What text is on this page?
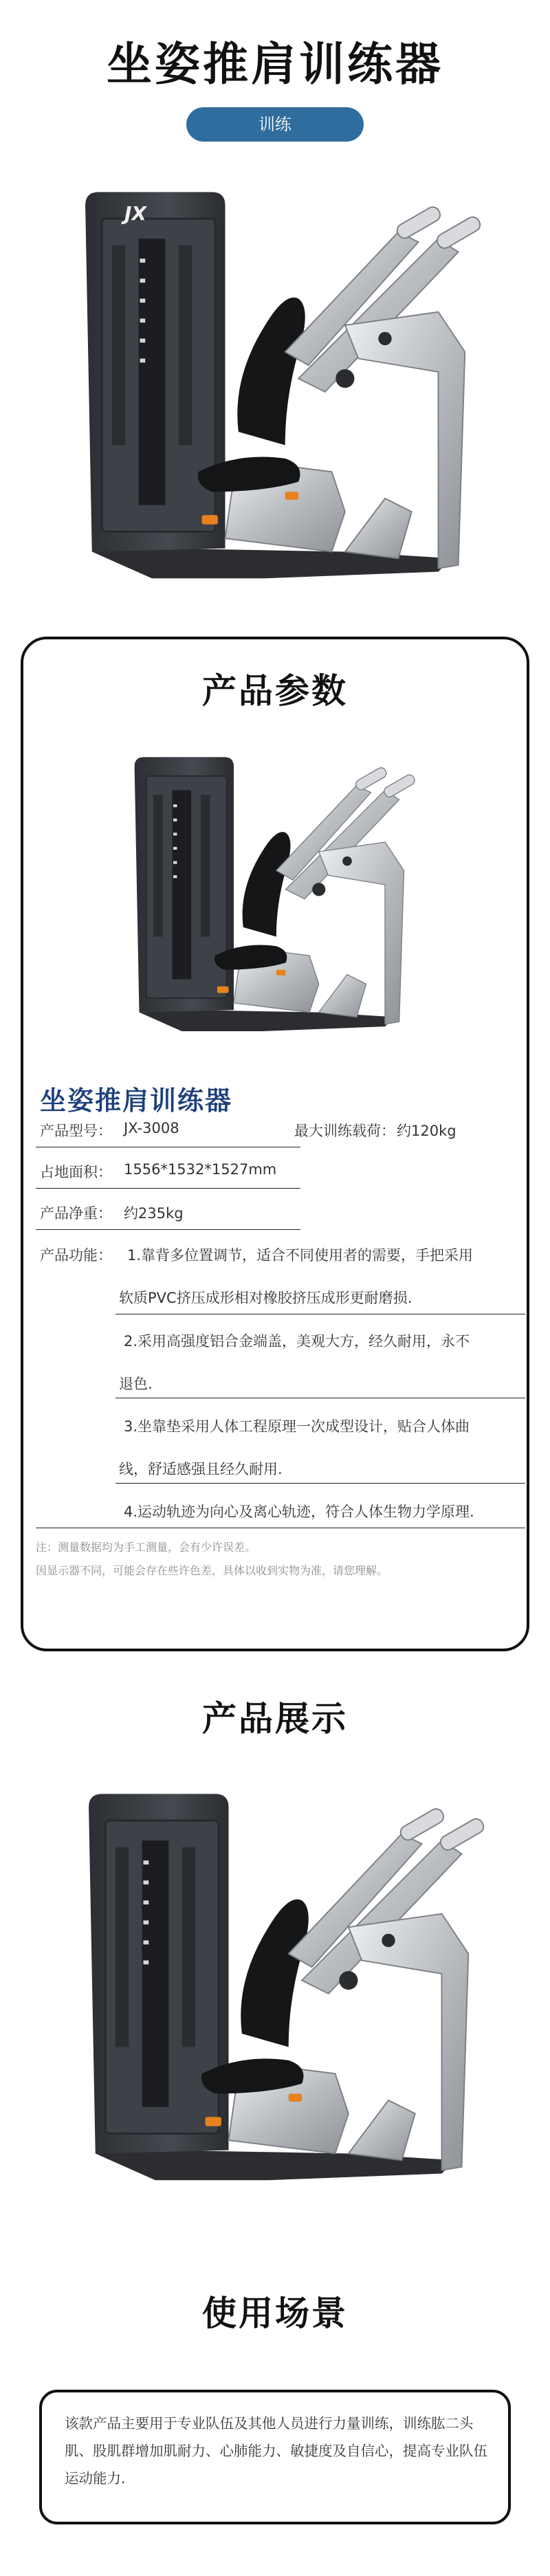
坐姿推肩训练器
训练
JX
产品参数
坐姿推肩训练器
产品型号： JX-3008	最大训练载荷： 约120kg
占地面积： 1556*1532*1527mm
产品净重： 约235kg
产品功能： 1.靠背多位置调节，适合不同使用者的需要，手把采用
软质PVC挤压成形相对橡胶挤压成形更耐磨损.
2.采用高强度铝合金端盖，美观大方，经久耐用，永不
退色.
3.坐靠垫采用人体工程原理一次成型设计，贴合人体曲
线，舒适感强且经久耐用.
4.运动轨迹为向心及离心轨迹，符合人体生物力学原理.
注：测量数据均为手工测量，会有少许误差。
因显示器不同，可能会存在些许色差，具体以收到实物为准，请您理解。
产品展示
使用场景
该款产品主要用于专业队伍及其他人员进行力量训练，训练肱二头肌、股肌群增加肌耐力、心肺能力、敏捷度及自信心，提高专业队伍运动能力.
